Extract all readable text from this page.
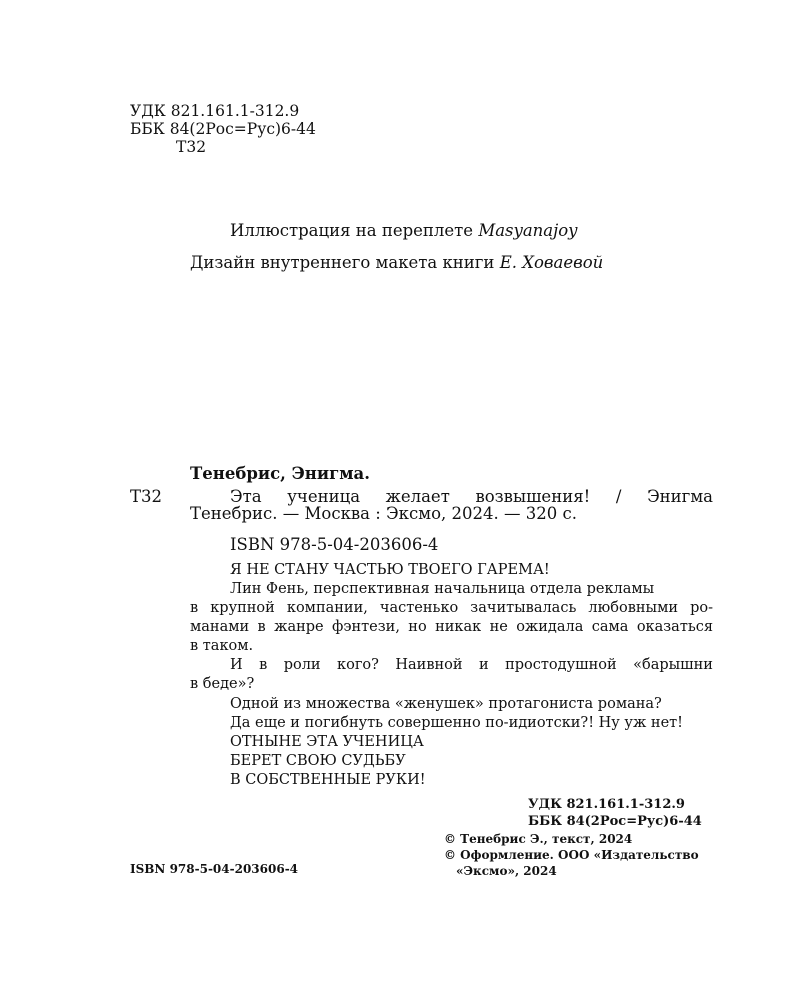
УДК 821.161.1-312.9
ББК 84(2Рос=Рус)6-44
Т32
Иллюстрация на переплете Masyanajoy
Дизайн внутреннего макета книги Е. Ховаевой
Тенебрис, Энигма.
Т32	Эта ученица желает возвышения! / Энигма
Тенебрис. — Москва : Эксмо, 2024. — 320 с.
ISBN 978-5-04-203606-4
Я НЕ СТАНУ ЧАСТЬЮ ТВОЕГО ГАРЕМА!
Лин Фень, перспективная начальница отдела рекламы
в крупной компании, частенько зачитывалась любовными ро-
манами в жанре фэнтези, но никак не ожидала сама оказаться
в таком.
И в роли кого? Наивной и простодушной «барышни
в беде»?
Одной из множества «женушек» протагониста романа?
Да еще и погибнуть совершенно по-идиотски?! Ну уж нет!
ОТНЫНЕ ЭТА УЧЕНИЦА
БЕРЕТ СВОЮ СУДЬБУ
В СОБСТВЕННЫЕ РУКИ!
УДК 821.161.1-312.9
ББК 84(2Рос=Рус)6-44
ISBN 978-5-04-203606-4
© Тенебрис Э., текст, 2024
© Оформление. ООО «Издательство
«Эксмо», 2024
